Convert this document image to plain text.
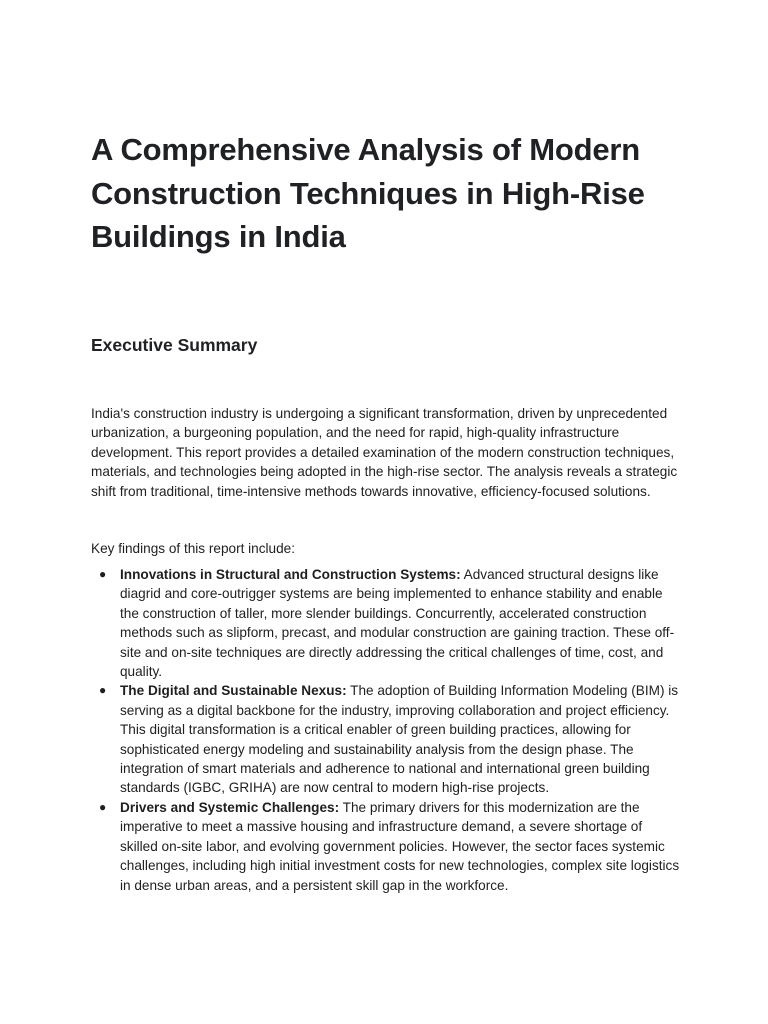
A Comprehensive Analysis of Modern Construction Techniques in High-Rise Buildings in India
Executive Summary

India's construction industry is undergoing a significant transformation, driven by unprecedented urbanization, a burgeoning population, and the need for rapid, high-quality infrastructure development. This report provides a detailed examination of the modern construction techniques, materials, and technologies being adopted in the high-rise sector. The analysis reveals a strategic shift from traditional, time-intensive methods towards innovative, efficiency-focused solutions.

Key findings of this report include:

● Innovations in Structural and Construction Systems: Advanced structural designs like diagrid and core-outrigger systems are being implemented to enhance stability and enable the construction of taller, more slender buildings. Concurrently, accelerated construction methods such as slipform, precast, and modular construction are gaining traction. These off-site and on-site techniques are directly addressing the critical challenges of time, cost, and quality.
● The Digital and Sustainable Nexus: The adoption of Building Information Modeling (BIM) is serving as a digital backbone for the industry, improving collaboration and project efficiency. This digital transformation is a critical enabler of green building practices, allowing for sophisticated energy modeling and sustainability analysis from the design phase. The integration of smart materials and adherence to national and international green building standards (IGBC, GRIHA) are now central to modern high-rise projects.
● Drivers and Systemic Challenges: The primary drivers for this modernization are the imperative to meet a massive housing and infrastructure demand, a severe shortage of skilled on-site labor, and evolving government policies. However, the sector faces systemic challenges, including high initial investment costs for new technologies, complex site logistics in dense urban areas, and a persistent skill gap in the workforce.
